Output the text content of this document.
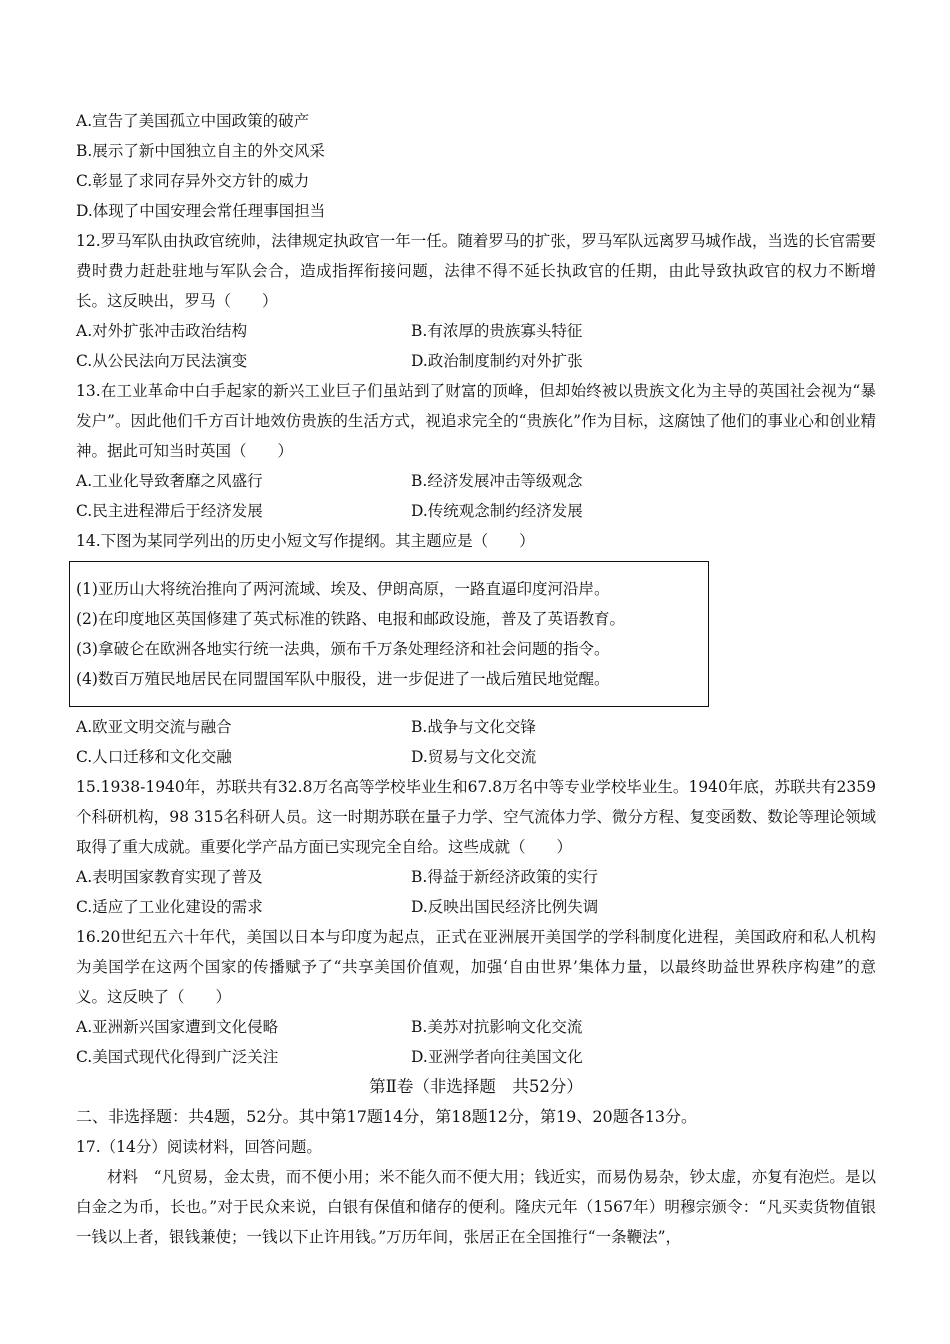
A.宣告了美国孤立中国政策的破产
B.展示了新中国独立自主的外交风采
C.彰显了求同存异外交方针的威力
D.体现了中国安理会常任理事国担当

12.罗马军队由执政官统帅，法律规定执政官一年一任。随着罗马的扩张，罗马军队远离罗马城作战，当选的长官需要费时费力赶赴驻地与军队会合，造成指挥衔接问题，法律不得不延长执政官的任期，由此导致执政官的权力不断增长。这反映出，罗马（　　）

A.对外扩张冲击政治结构	B.有浓厚的贵族寡头特征
C.从公民法向万民法演变	D.政治制度制约对外扩张

13.在工业革命中白手起家的新兴工业巨子们虽站到了财富的顶峰，但却始终被以贵族文化为主导的英国社会视为“暴发户”。因此他们千方百计地效仿贵族的生活方式，视追求完全的“贵族化”作为目标，这腐蚀了他们的事业心和创业精神。据此可知当时英国（　　）

A.工业化导致奢靡之风盛行	B.经济发展冲击等级观念
C.民主进程滞后于经济发展	D.传统观念制约经济发展
14.下图为某同学列出的历史小短文写作提纲。其主题应是（　　）
(1)亚历山大将统治推向了两河流域、埃及、伊朗高原，一路直逼印度河沿岸。
(2)在印度地区英国修建了英式标准的铁路、电报和邮政设施，普及了英语教育。
(3)拿破仑在欧洲各地实行统一法典，颁布千万条处理经济和社会问题的指令。
(4)数百万殖民地居民在同盟国军队中服役，进一步促进了一战后殖民地觉醒。
A.欧亚文明交流与融合	B.战争与文化交锋
C.人口迁移和文化交融	D.贸易与文化交流

15.1938-1940年，苏联共有32.8万名高等学校毕业生和67.8万名中等专业学校毕业生。1940年底，苏联共有2359个科研机构，98 315名科研人员。这一时期苏联在量子力学、空气流体力学、微分方程、复变函数、数论等理论领域取得了重大成就。重要化学产品方面已实现完全自给。这些成就（　　）

A.表明国家教育实现了普及	B.得益于新经济政策的实行
C.适应了工业化建设的需求	D.反映出国民经济比例失调

16.20世纪五六十年代，美国以日本与印度为起点，正式在亚洲展开美国学的学科制度化进程，美国政府和私人机构为美国学在这两个国家的传播赋予了“共享美国价值观，加强‘自由世界’集体力量，以最终助益世界秩序构建”的意义。这反映了（　　）

A.亚洲新兴国家遭到文化侵略	B.美苏对抗影响文化交流
C.美国式现代化得到广泛关注	D.亚洲学者向往美国文化
第Ⅱ卷（非选择题　共52分）
二、非选择题：共4题，52分。其中第17题14分，第18题12分，第19、20题各13分。
17.（14分）阅读材料，回答问题。

材料　“凡贸易，金太贵，而不便小用；米不能久而不便大用；钱近实，而易伪易杂，钞太虚，亦复有泡烂。是以白金之为币，长也。”对于民众来说，白银有保值和储存的便利。隆庆元年（1567年）明穆宗颁令：“凡买卖货物值银一钱以上者，银钱兼使；一钱以下止许用钱。”万历年间，张居正在全国推行“一条鞭法”，
